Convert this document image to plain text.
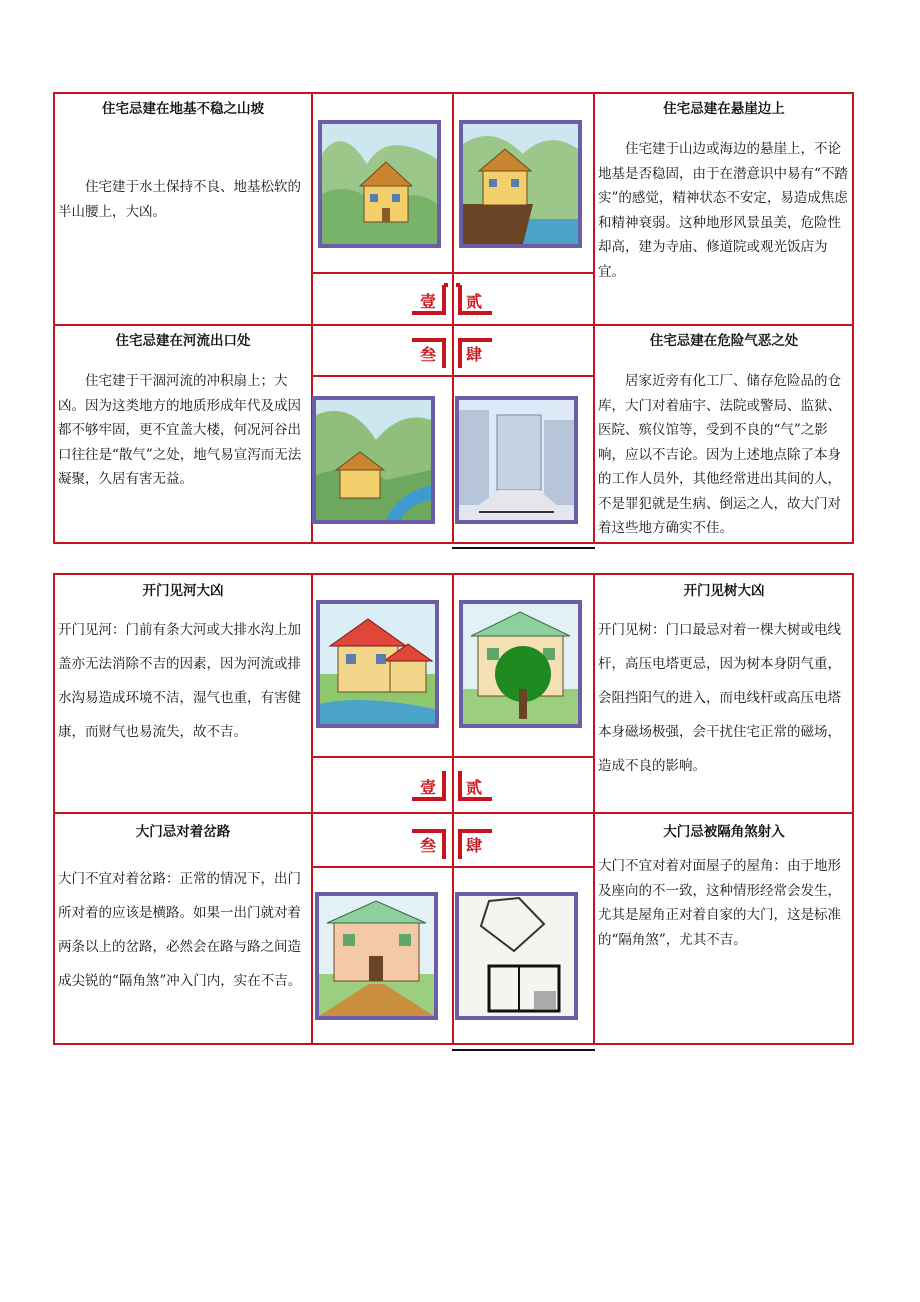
住宅忌建在地基不稳之山坡
住宅建于水土保持不良、地基松软的半山腰上，大凶。
住宅忌建在悬崖边上
住宅建于山边或海边的悬崖上，不论地基是否稳固，由于在潜意识中易有“不踏实”的感觉，精神状态不安定，易造成焦虑和精神衰弱。这种地形风景虽美，危险性却高，建为寺庙、修道院或观光饭店为宜。
住宅忌建在河流出口处
住宅建于干涸河流的冲积扇上；大凶。因为这类地方的地质形成年代及成因都不够牢固，更不宜盖大楼，何况河谷出口往往是“散气”之处，地气易宣泻而无法凝聚，久居有害无益。
住宅忌建在危险气恶之处
居家近旁有化工厂、储存危险品的仓库，大门对着庙宇、法院或警局、监狱、医院、殡仪馆等，受到不良的“气”之影响，应以不吉论。因为上述地点除了本身的工作人员外，其他经常进出其间的人，不是罪犯就是生病、倒运之人，故大门对着这些地方确实不佳。
壹 贰
叁 肆
开门见河大凶
开门见河：门前有条大河或大排水沟上加盖亦无法消除不吉的因素，因为河流或排水沟易造成环境不洁，湿气也重，有害健康，而财气也易流失，故不吉。
开门见树大凶
开门见树：门口最忌对着一棵大树或电线杆，高压电塔更忌，因为树本身阴气重，会阻挡阳气的进入，而电线杆或高压电塔本身磁场极强，会干扰住宅正常的磁场，造成不良的影响。
大门忌对着岔路
大门不宜对着岔路：正常的情况下，出门所对着的应该是横路。如果一出门就对着两条以上的岔路，必然会在路与路之间造成尖锐的“隔角煞”冲入门内，实在不吉。
大门忌被隔角煞射入
大门不宜对着对面屋子的屋角：由于地形及座向的不一致，这种情形经常会发生，尤其是屋角正对着自家的大门，这是标准的“隔角煞”，尤其不吉。
壹 贰
叁 肆
